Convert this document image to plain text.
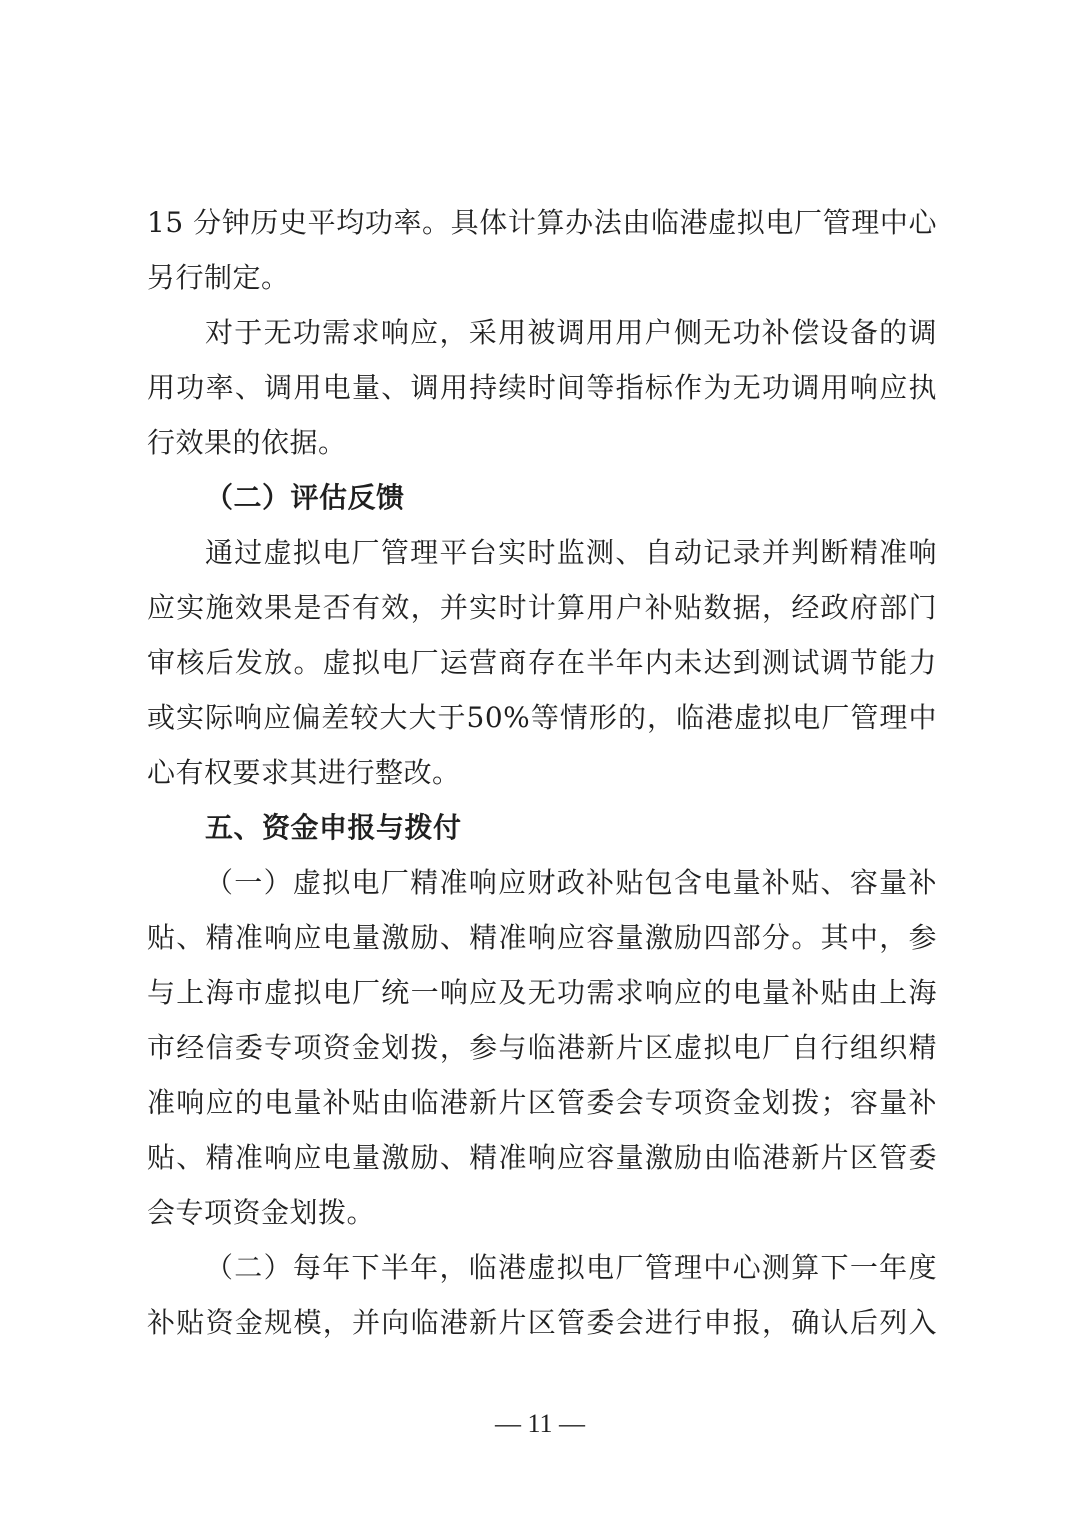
15 分钟历史平均功率。具体计算办法由临港虚拟电厂管理中心
另行制定。
对于无功需求响应，采用被调用用户侧无功补偿设备的调
用功率、调用电量、调用持续时间等指标作为无功调用响应执
行效果的依据。
（二）评估反馈
通过虚拟电厂管理平台实时监测、自动记录并判断精准响
应实施效果是否有效，并实时计算用户补贴数据，经政府部门
审核后发放。虚拟电厂运营商存在半年内未达到测试调节能力
或实际响应偏差较大大于50%等情形的，临港虚拟电厂管理中
心有权要求其进行整改。
五、资金申报与拨付
（一）虚拟电厂精准响应财政补贴包含电量补贴、容量补
贴、精准响应电量激励、精准响应容量激励四部分。其中，参
与上海市虚拟电厂统一响应及无功需求响应的电量补贴由上海
市经信委专项资金划拨，参与临港新片区虚拟电厂自行组织精
准响应的电量补贴由临港新片区管委会专项资金划拨；容量补
贴、精准响应电量激励、精准响应容量激励由临港新片区管委
会专项资金划拨。
（二）每年下半年，临港虚拟电厂管理中心测算下一年度
补贴资金规模，并向临港新片区管委会进行申报，确认后列入
— 11 —
